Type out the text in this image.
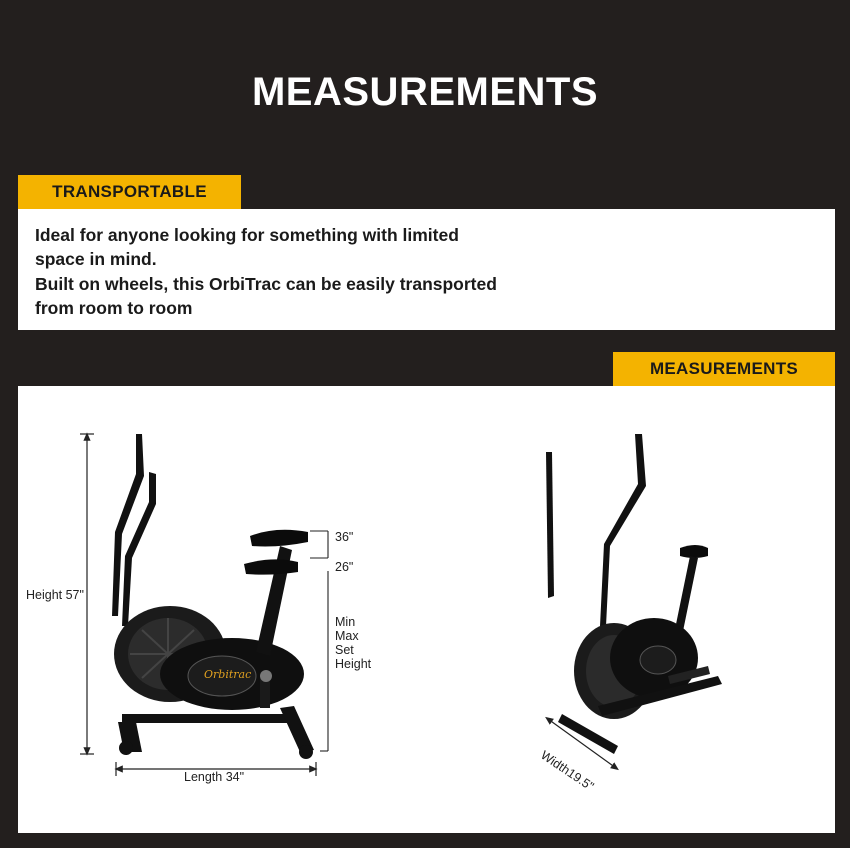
MEASUREMENTS
TRANSPORTABLE

Ideal for anyone looking for something with limited
space in mind.
Built on wheels, this OrbiTrac can be easily transported
from room to room

MEASUREMENTS
Height 57"
Length 34"
36"
26"
Min
Max
Set
Height
Width19.5"
Orbitrac
